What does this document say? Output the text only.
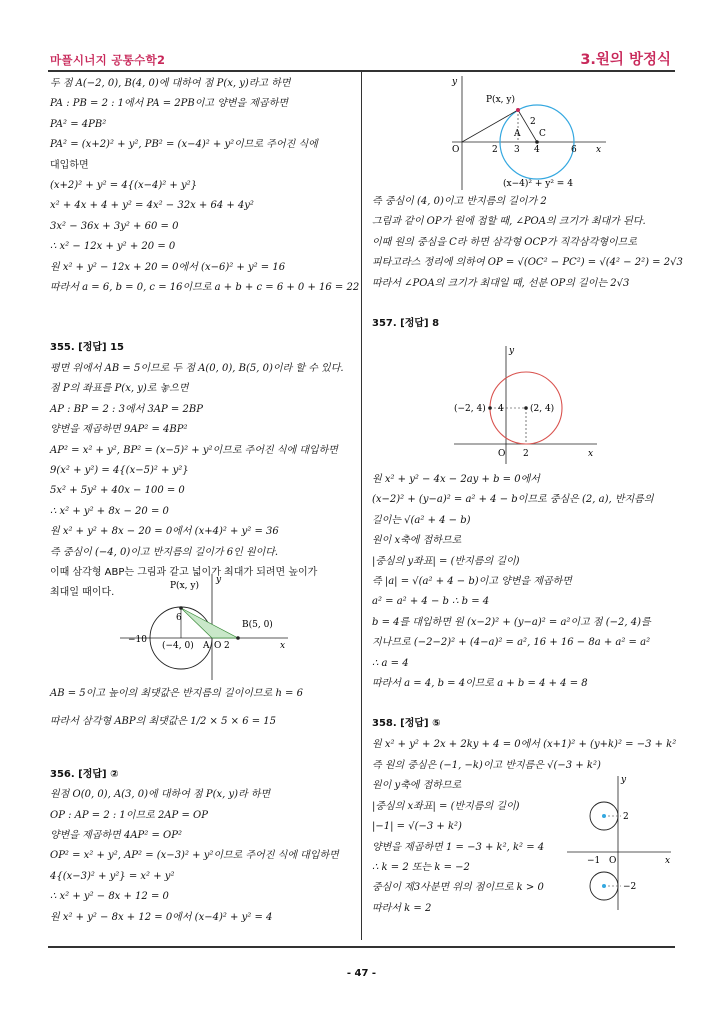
마플시너지 공통수학2	3.원의 방정식
- 47 -
두 점 A(−2, 0), B(4, 0)에 대하여 점 P(x, y)라고 하면
PA : PB = 2 : 1에서 PA = 2PB이고 양변을 제곱하면
PA² = 4PB²
PA² = (x+2)² + y², PB² = (x−4)² + y²이므로 주어진 식에
대입하면
(x+2)² + y² = 4{(x−4)² + y²}
x² + 4x + 4 + y² = 4x² − 32x + 64 + 4y²
3x² − 36x + 3y² + 60 = 0
∴ x² − 12x + y² + 20 = 0
원 x² + y² − 12x + 20 = 0에서 (x−6)² + y² = 16
따라서 a = 6, b = 0, c = 16이므로 a + b + c = 6 + 0 + 16 = 22
355. [정답] 15
평면 위에서 AB = 5이므로 두 점 A(0, 0), B(5, 0)이라 할 수 있다.
점 P의 좌표를 P(x, y)로 놓으면
AP : BP = 2 : 3에서 3AP = 2BP
양변을 제곱하면 9AP² = 4BP²
AP² = x² + y², BP² = (x−5)² + y²이므로 주어진 식에 대입하면
9(x² + y²) = 4{(x−5)² + y²}
5x² + 5y² + 40x − 100 = 0
∴ x² + y² + 8x − 20 = 0
원 x² + y² + 8x − 20 = 0에서 (x+4)² + y² = 36
즉 중심이 (−4, 0)이고 반지름의 길이가 6인 원이다.
이때 삼각형 ABP는 그림과 같고 넓이가 최대가 되려면 높이가
최대일 때이다.
P(x, y)
B(5, 0)
6
−10
(−4, 0) A O 2	x
y
AB = 5이고 높이의 최댓값은 반지름의 길이이므로 h = 6
따라서 삼각형 ABP의 최댓값은 1/2 × 5 × 6 = 15
356. [정답] ②
원점 O(0, 0), A(3, 0)에 대하여 점 P(x, y)라 하면
OP : AP = 2 : 1이므로 2AP = OP
양변을 제곱하면 4AP² = OP²
OP² = x² + y², AP² = (x−3)² + y²이므로 주어진 식에 대입하면
4{(x−3)² + y²} = x² + y²
∴ x² + y² − 8x + 12 = 0
원 x² + y² − 8x + 12 = 0에서 (x−4)² + y² = 4
P(x, y)
O	2 3 4	6
A C
2
(x−4)² + y² = 4
x
y
즉 중심이 (4, 0)이고 반지름의 길이가 2
그림과 같이 OP가 원에 접할 때, ∠POA의 크기가 최대가 된다.
이때 원의 중심을 C라 하면 삼각형 OCP가 직각삼각형이므로
피타고라스 정리에 의하여 OP = √(OC² − PC²) = √(4² − 2²) = 2√3
따라서 ∠POA의 크기가 최대일 때, 선분 OP의 길이는 2√3
357. [정답] 8
(−2, 4) 4	(2, 4)
O 2	x
y
원 x² + y² − 4x − 2ay + b = 0에서
(x−2)² + (y−a)² = a² + 4 − b이므로 중심은 (2, a), 반지름의
길이는 √(a² + 4 − b)
원이 x축에 접하므로
|중심의 y좌표| = (반지름의 길이)
즉 |a| = √(a² + 4 − b)이고 양변을 제곱하면
a² = a² + 4 − b ∴ b = 4
b = 4를 대입하면 원 (x−2)² + (y−a)² = a²이고 점 (−2, 4)를
지나므로 (−2−2)² + (4−a)² = a², 16 + 16 − 8a + a² = a²
∴ a = 4
따라서 a = 4, b = 4이므로 a + b = 4 + 4 = 8
358. [정답] ⑤
원 x² + y² + 2x + 2ky + 4 = 0에서 (x+1)² + (y+k)² = −3 + k²
즉 원의 중심은 (−1, −k)이고 반지름은 √(−3 + k²)
원이 y축에 접하므로
|중심의 x좌표| = (반지름의 길이)
|−1| = √(−3 + k²)
양변을 제곱하면 1 = −3 + k², k² = 4
∴ k = 2 또는 k = −2
중심이 제3사분면 위의 점이므로 k > 0
따라서 k = 2
2
−2
−1 O	x
y
